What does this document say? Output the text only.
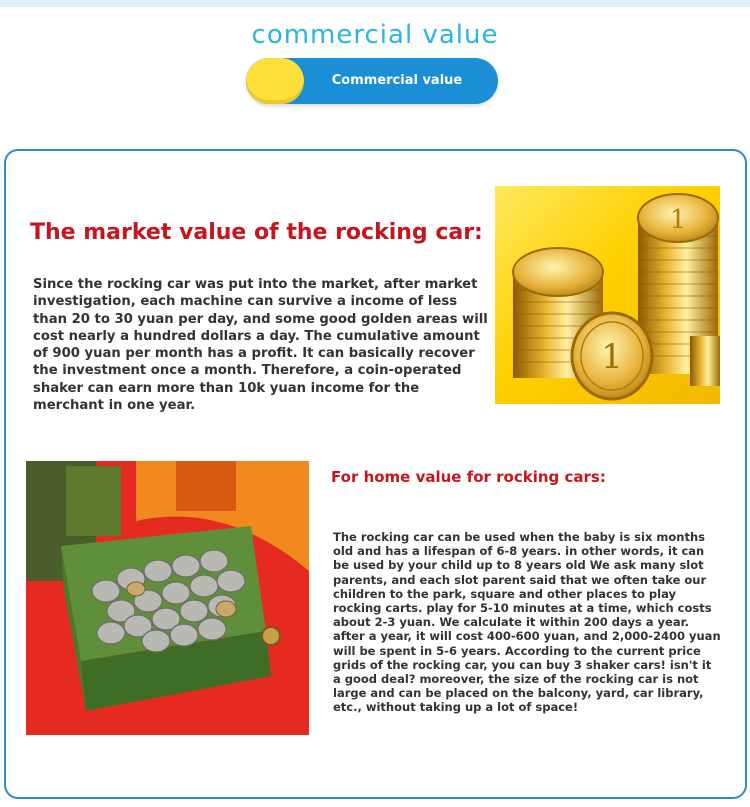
commercial value
Commercial value
The market value of the rocking car:
Since the rocking car was put into the market, after market investigation, each machine can survive a income of less than 20 to 30 yuan per day, and some good golden areas will cost nearly a hundred dollars a day. The cumulative amount of 900 yuan per month has a profit. It can basically recover the investment once a month. Therefore, a coin-operated shaker can earn more than 10k yuan income for the merchant in one year.
1
1
For home value for rocking cars:
The rocking car can be used when the baby is six months old and has a lifespan of 6-8 years. in other words, it can be used by your child up to 8 years old We ask many slot parents, and each slot parent said that we often take our children to the park, square and other places to play rocking carts. play for 5-10 minutes at a time, which costs about 2-3 yuan. We calculate it within 200 days a year. after a year, it will cost 400-600 yuan, and 2,000-2400 yuan will be spent in 5-6 years. According to the current price grids of the rocking car, you can buy 3 shaker cars! isn't it a good deal? moreover, the size of the rocking car is not large and can be placed on the balcony, yard, car library, etc., without taking up a lot of space!
